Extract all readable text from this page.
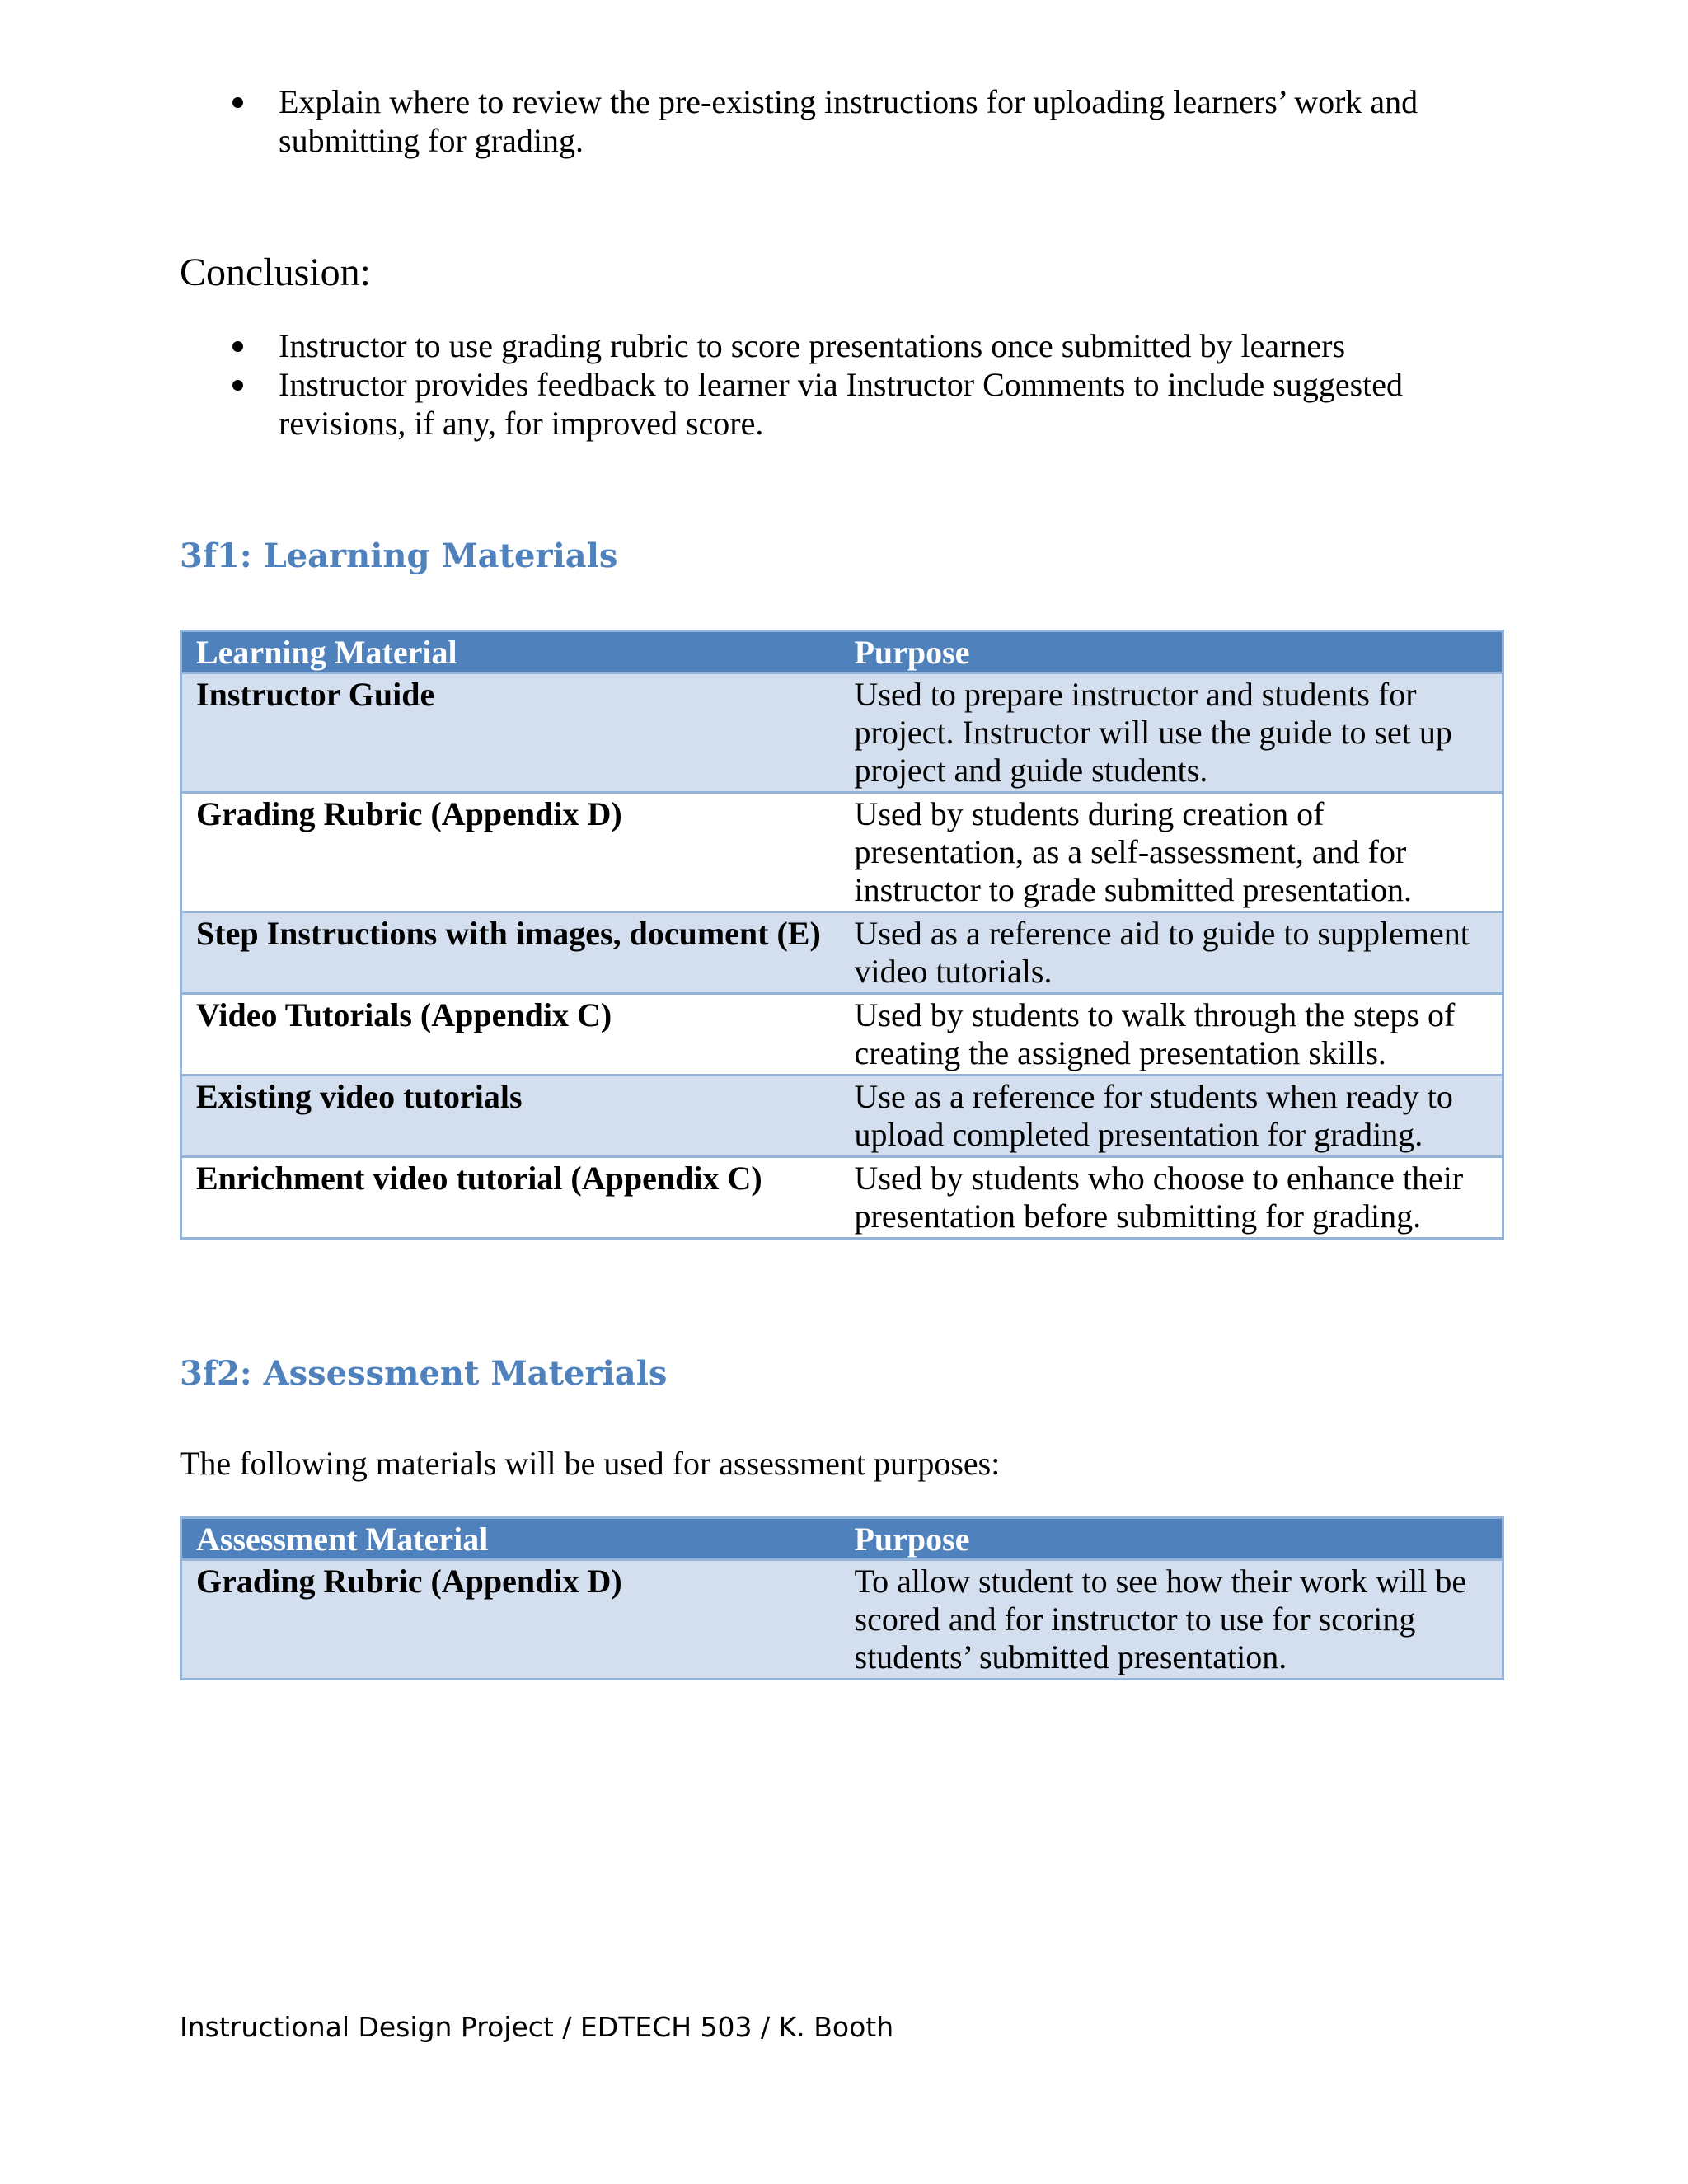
Explain where to review the pre-existing instructions for uploading learners’ work and submitting for grading.
Conclusion:
Instructor to use grading rubric to score presentations once submitted by learners
Instructor provides feedback to learner via Instructor Comments to include suggested revisions, if any, for improved score.
3f1: Learning Materials
Learning Material	Purpose
Instructor Guide	Used to prepare instructor and students for project. Instructor will use the guide to set up project and guide students.
Grading Rubric (Appendix D)	Used by students during creation of presentation, as a self-assessment, and for instructor to grade submitted presentation.
Step Instructions with images, document (E)	Used as a reference aid to guide to supplement video tutorials.
Video Tutorials (Appendix C)	Used by students to walk through the steps of creating the assigned presentation skills.
Existing video tutorials	Use as a reference for students when ready to upload completed presentation for grading.
Enrichment video tutorial (Appendix C)	Used by students who choose to enhance their presentation before submitting for grading.
3f2: Assessment Materials

The following materials will be used for assessment purposes:

Assessment Material	Purpose
Grading Rubric (Appendix D)	To allow student to see how their work will be scored and for instructor to use for scoring students’ submitted presentation.

Instructional Design Project / EDTECH 503 / K. Booth
